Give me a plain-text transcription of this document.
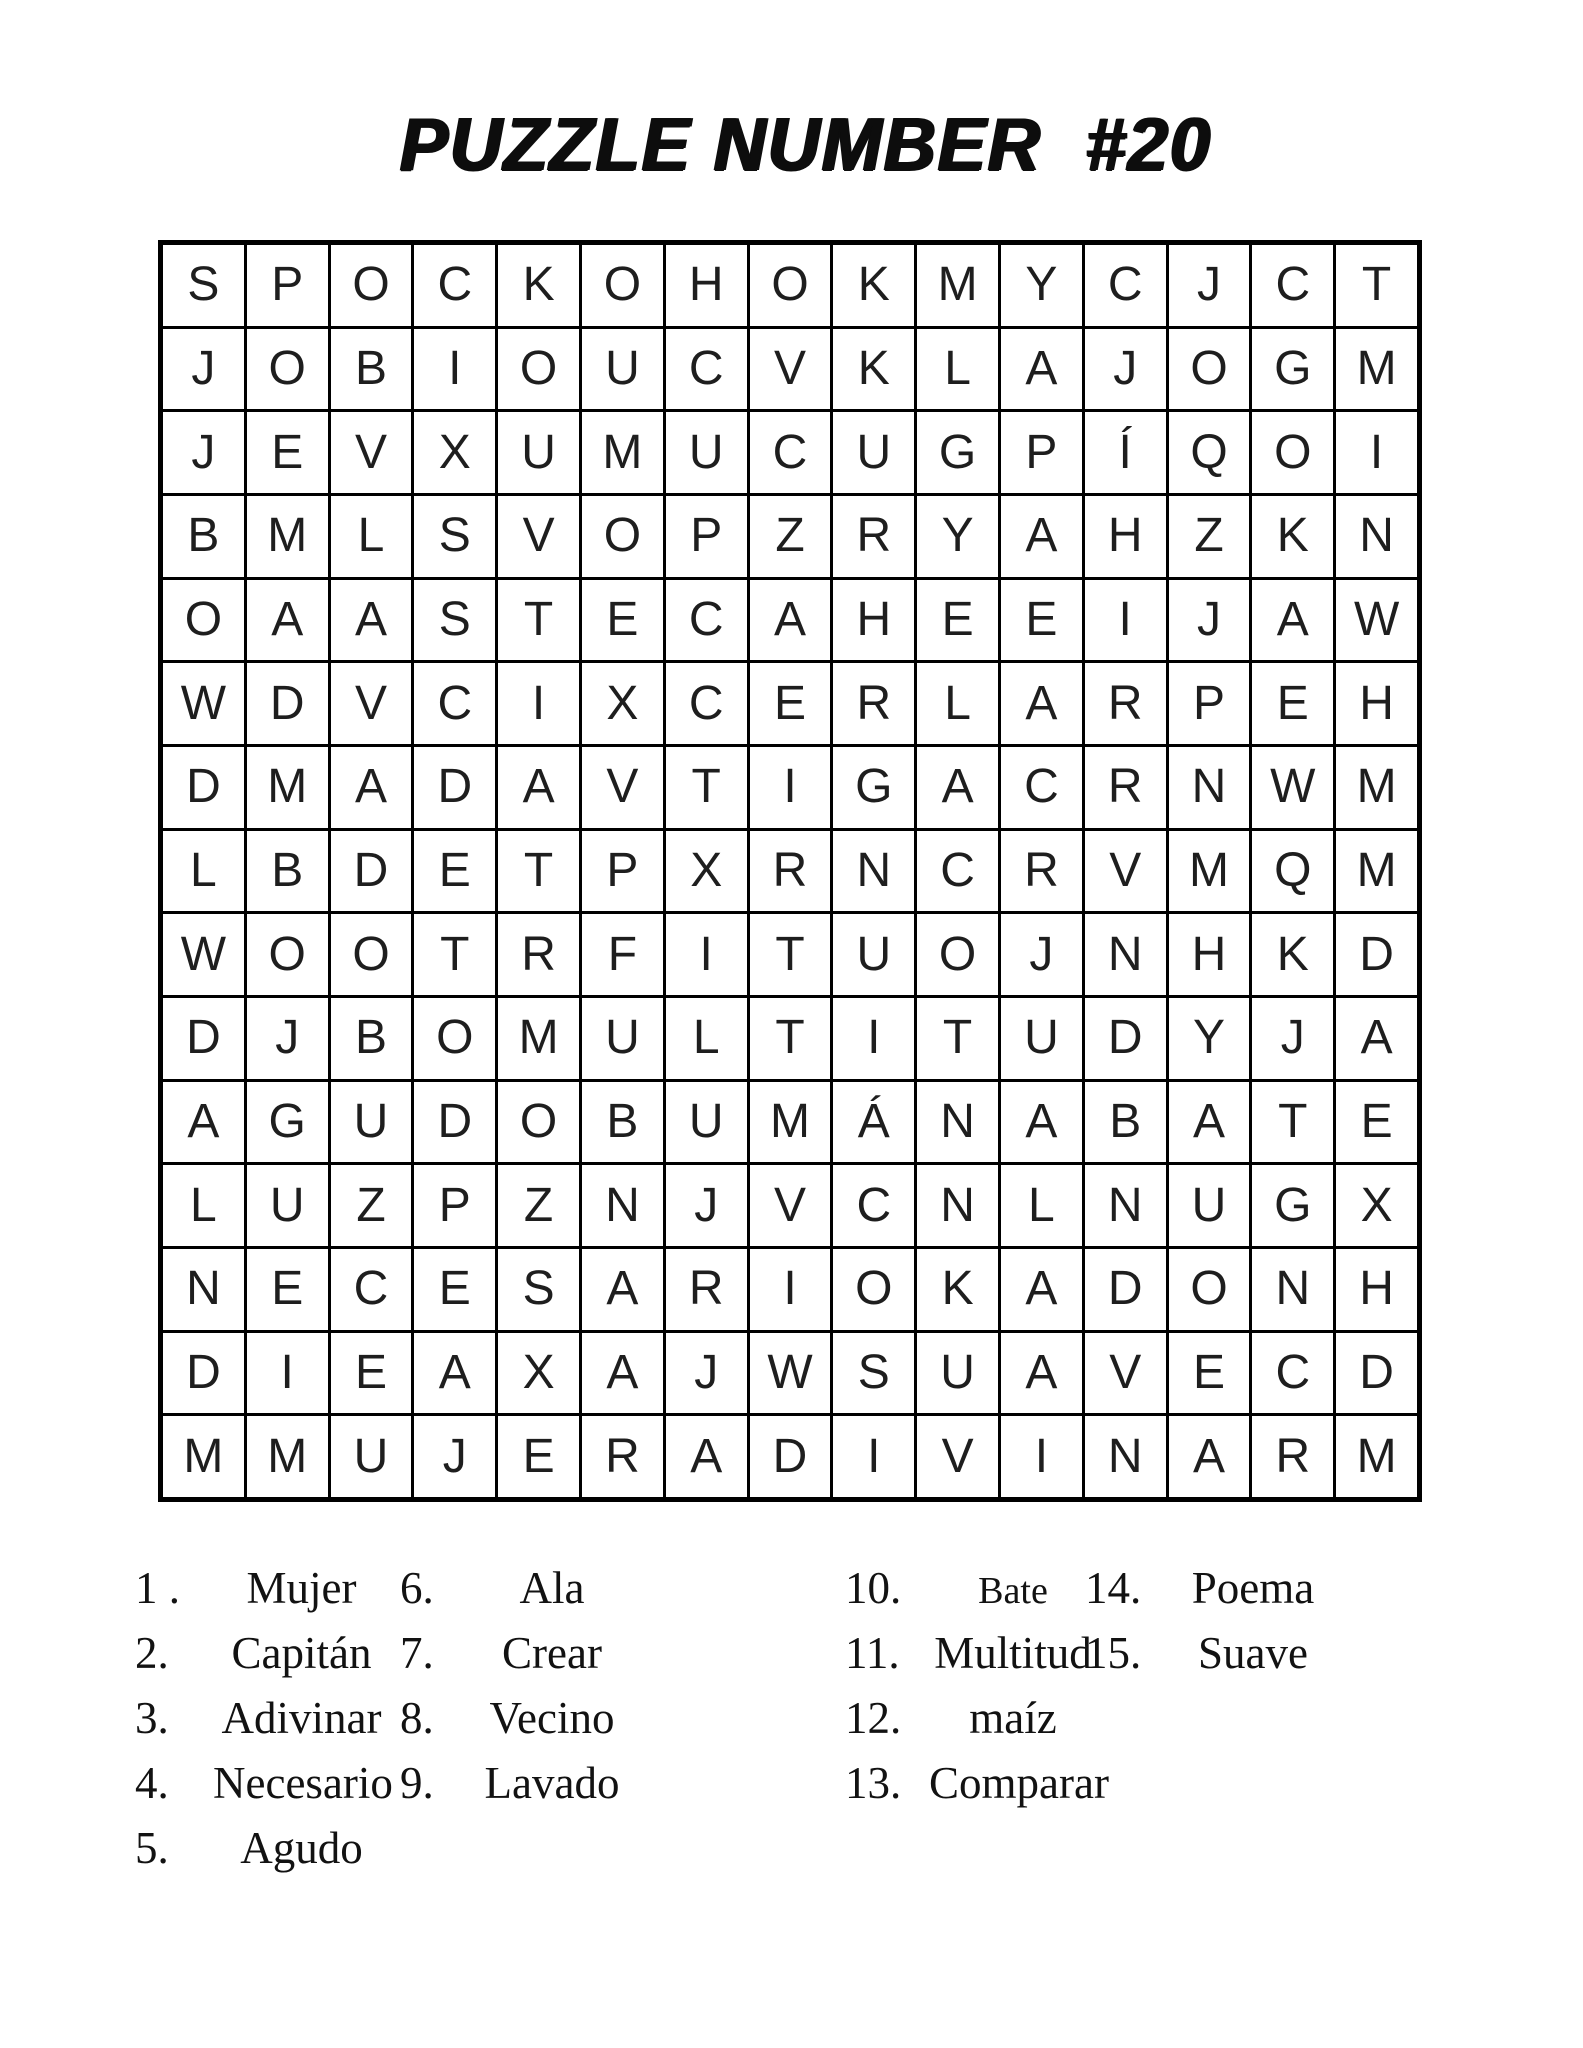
PUZZLE NUMBER  #20
S	P	O C	K	O H O	K M Y	C	J	C	T
J	O	B	I	O U	C	V	K	L	A	J	O G M
J	E	V	X	U M U	C	U G	P	Í	Q O	I
B M	L	S	V	O	P	Z	R	Y	A	H	Z	K	N
O	A	A	S	T	E	C	A	H	E	E	I	J	A W
W D	V	C	I	X	C	E	R	L	A	R	P	E	H
D M A	D	A	V	T	I	G	A	C	R	N W M
L	B	D	E	T	P	X	R	N	C	R	V M Q M
W O O	T	R	F	I	T	U O	J	N	H	K	D
D	J	B	O M U	L	T	I	T	U	D	Y	J	A
A	G U	D O	B	U M Á	N	A	B	A	T	E
L	U	Z	P	Z	N	J	V	C	N	L	N	U G	X
N	E	C	E	S	A	R	I	O	K	A	D O N	H
D	I	E	A	X	A	J	W S	U	A	V	E	C	D
M M U	J	E	R	A	D	I	V	I	N	A	R M
1 .	Mujer
2.	Capitán
3.	Adivinar
4. Necesario
5.	Agudo
6.	Ala
7.	Crear
8.	Vecino
9.	Lavado
10.	Bate
11. Multitud
12.	maíz
13. Comparar
14.	Poema
15.	Suave
